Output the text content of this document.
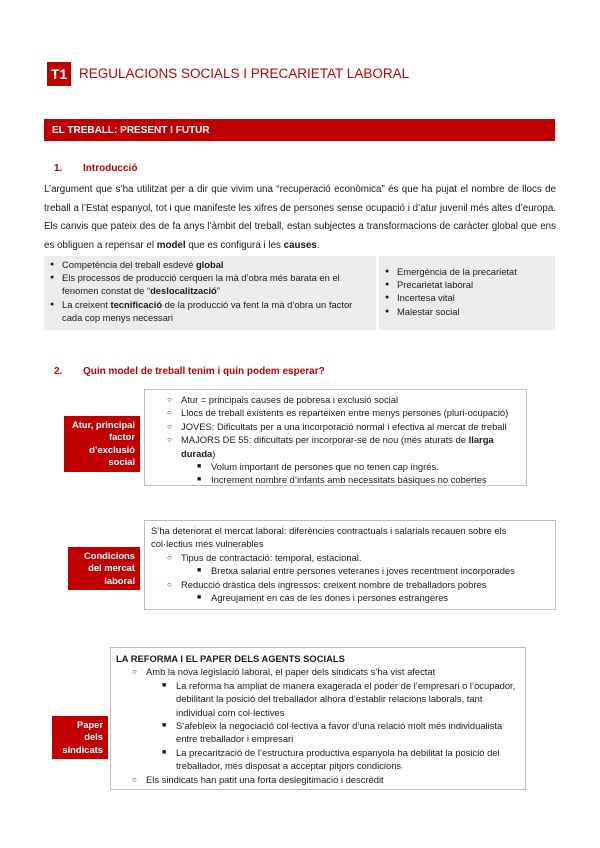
T1 REGULACIONS SOCIALS I PRECARIETAT LABORAL
EL TREBALL: PRESENT I FUTUR
1. Introducció

L’argument que s’ha utilitzat per a dir que vivim una “recuperació econòmica” és que ha pujat el nombre de llocs de treball a l’Estat espanyol, tot i que manifeste les xifres de persones sense ocupació i d’atur juvenil més altes d’europa. Els canvis que pateix des de fa anys l’àmbit del treball, estan subjectes a transformacions de caràcter global que ens es obliguen a repensar el model que es configura i les causes.

● Competència del treball esdevé global
● Els processos de producció cerquen la mà d’obra més barata en el fenomen constat de “deslocalització”
● La creixent tecnificació de la producció va fent la mà d’obra un factor cada cop menys necessari
● Emergència de la precarietat
● Precarietat laboral
● Incertesa vital
● Malestar social
2. Quin model de treball tenim i quin podem esperar?
Atur, principal factor d’exclusió social
○ Atur = principals causes de pobresa i exclusió social
○ Llocs de treball existents es reparteixen entre menys persones (pluri-ocupació)
○ JOVES: Dificultats per a una incorporació normal i efectiva al mercat de treball
○ MAJORS DE 55: dificultats per incorporar-se de nou (més aturats de llarga durada)
■ Volum important de persones que no tenen cap ingrés.
■ Increment nombre d’infants amb necessitats bàsiques no cobertes
Condicions del mercat laboral

S’ha deteriorat el mercat laboral: diferències contractuals i salarials recauen sobre els col·lectius més vulnerables

○ Tipus de contractació: temporal, estacional.
■ Bretxa salarial entre persones veteranes i joves recentment incorporades
○ Reducció dràstica dels ingressos: creixent nombre de treballadors pobres
■ Agreujament en cas de les dones i persones estrangeres
Paper dels sindicats

LA REFORMA I EL PAPER DELS AGENTS SOCIALS

○ Amb la nova legislació laboral, el paper dels sindicats s’ha vist afectat
■ La reforma ha ampliat de manera exagerada el poder de l’empresari o l’ocupador, debilitant la posició del treballador alhora d’establir relacions laborals, tant individual com col·lectives
■ S’afebleix la negociació col·lectiva a favor d’una relació molt més individualista entre treballador i empresari
■ La precarització de l’estructura productiva espanyola ha debilitat la posició del treballador, més disposat a acceptar pitjors condicions
○ Els sindicats han patit una forta deslegitimació i descrèdit
